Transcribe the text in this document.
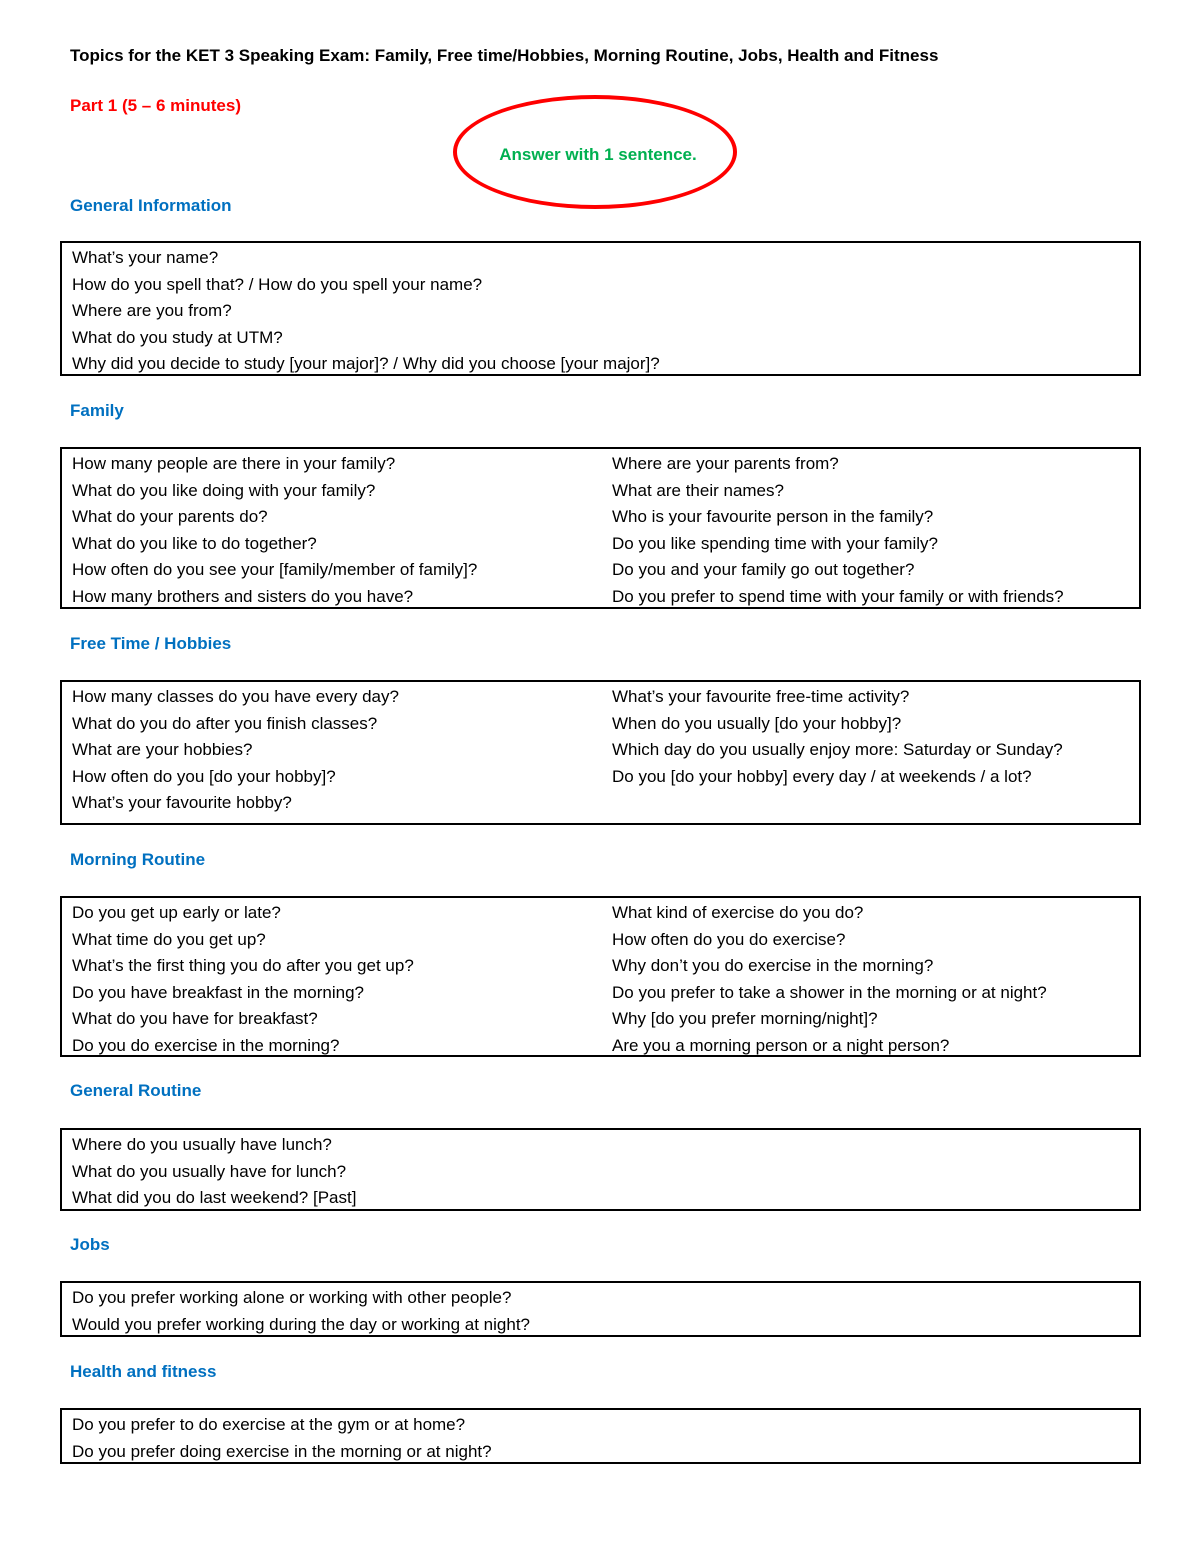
Topics for the KET 3 Speaking Exam: Family, Free time/Hobbies, Morning Routine, Jobs, Health and Fitness
Part 1 (5 – 6 minutes)
Answer with 1 sentence.
General Information
What’s your name?
How do you spell that? / How do you spell your name?
Where are you from?
What do you study at UTM?
Why did you decide to study [your major]? / Why did you choose [your major]?
Family
How many people are there in your family?
What do you like doing with your family?
What do your parents do?
What do you like to do together?
How often do you see your [family/member of family]?
How many brothers and sisters do you have?
Where are your parents from?
What are their names?
Who is your favourite person in the family?
Do you like spending time with your family?
Do you and your family go out together?
Do you prefer to spend time with your family or with friends?
Free Time / Hobbies
How many classes do you have every day?
What do you do after you finish classes?
What are your hobbies?
How often do you [do your hobby]?
What’s your favourite hobby?
What’s your favourite free-time activity?
When do you usually [do your hobby]?
Which day do you usually enjoy more: Saturday or Sunday?
Do you [do your hobby] every day / at weekends / a lot?
Morning Routine
Do you get up early or late?
What time do you get up?
What’s the first thing you do after you get up?
Do you have breakfast in the morning?
What do you have for breakfast?
Do you do exercise in the morning?
What kind of exercise do you do?
How often do you do exercise?
Why don’t you do exercise in the morning?
Do you prefer to take a shower in the morning or at night?
Why [do you prefer morning/night]?
Are you a morning person or a night person?
General Routine
Where do you usually have lunch?
What do you usually have for lunch?
What did you do last weekend? [Past]
Jobs
Do you prefer working alone or working with other people?
Would you prefer working during the day or working at night?
Health and fitness
Do you prefer to do exercise at the gym or at home?
Do you prefer doing exercise in the morning or at night?
